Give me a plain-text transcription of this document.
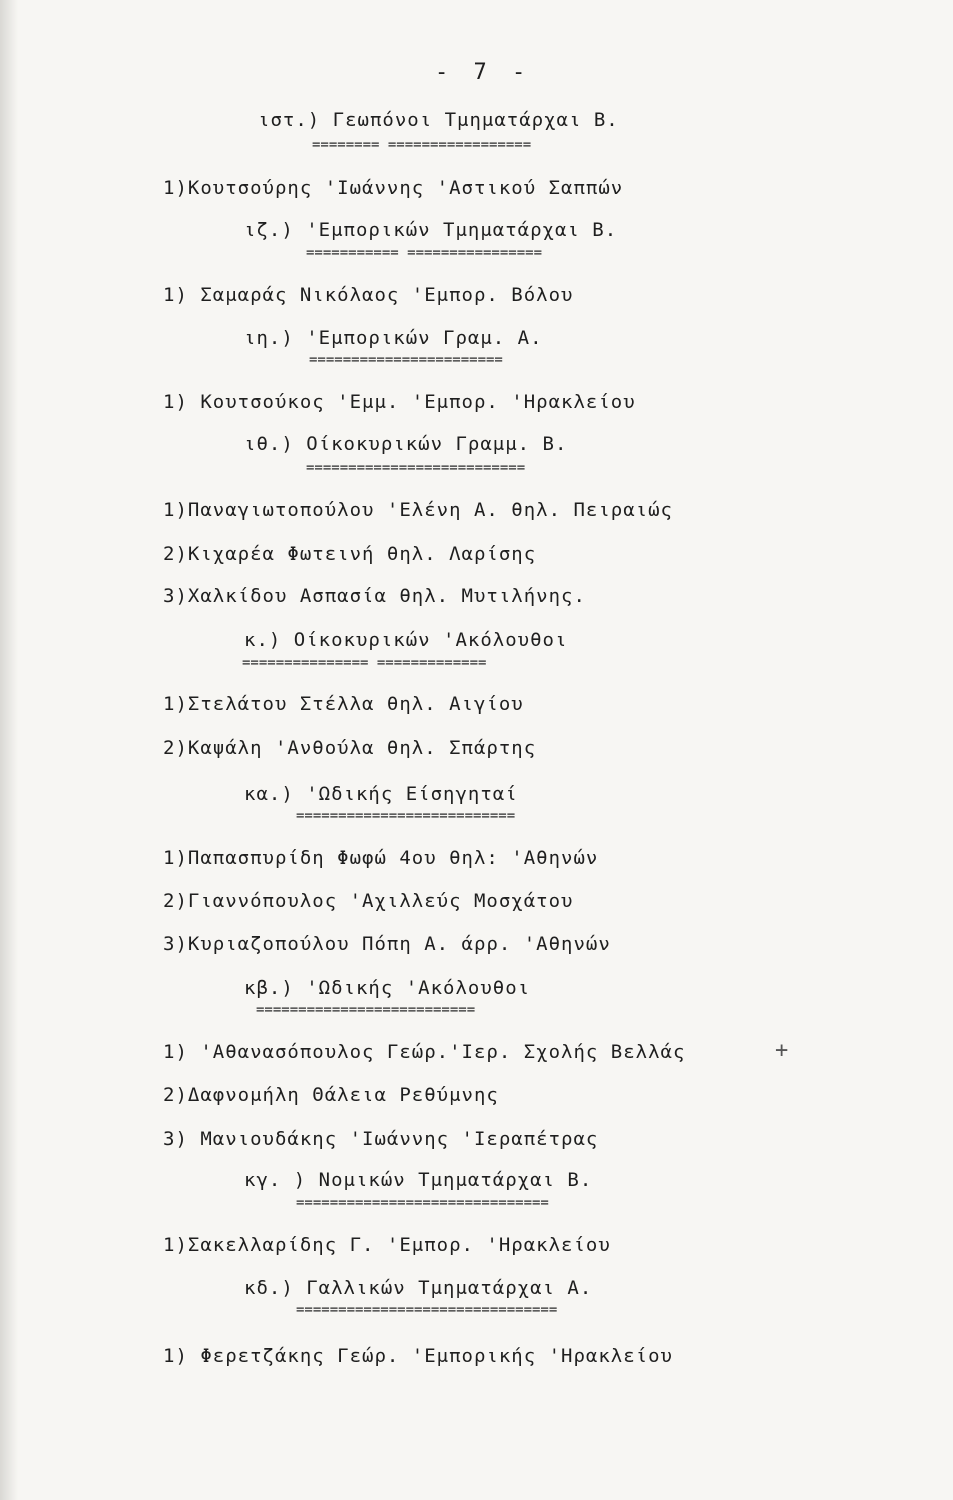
- 7 -
ιστ.) Γεωπόνοι Τμηματάρχαι Β.
======== =================
1)Κουτσούρης 'Ιωάννης 'Αστικού Σαππών
ιζ.) 'Εμπορικών Τμηματάρχαι Β.
=========== ================
1) Σαμαράς Νικόλαος 'Εμπορ. Βόλου
ιη.) 'Εμπορικών Γραμ. Α.
=======================
1) Κουτσούκος 'Εμμ. 'Εμπορ. 'Ηρακλείου
ιθ.) Οίκοκυρικών Γραμμ. Β.
==========================
1)Παναγιωτοπούλου 'Ελένη Α. θηλ. Πειραιώς
2)Κιχαρέα Φωτεινή θηλ. Λαρίσης
3)Χαλκίδου Ασπασία θηλ. Μυτιλήνης.
κ.) Οίκοκυρικών 'Ακόλουθοι
=============== =============
1)Στελάτου Στέλλα θηλ. Αιγίου
2)Καψάλη 'Ανθούλα θηλ. Σπάρτης
κα.) 'Ωδικής Είσηγηταί
==========================
1)Παπασπυρίδη Φωφώ 4ου θηλ: 'Αθηνών
2)Γιαννόπουλος 'Αχιλλεύς Μοσχάτου
3)Κυριαζοπούλου Πόπη Α. άρρ. 'Αθηνών
κβ.) 'Ωδικής 'Ακόλουθοι
==========================
1) 'Αθανασόπουλος Γεώρ.'Ιερ. Σχολής Βελλάς
2)Δαφνομήλη Θάλεια Ρεθύμνης
3) Μανιουδάκης 'Ιωάννης 'Ιεραπέτρας
κγ. ) Νομικών Τμηματάρχαι Β.
==============================
1)Σακελλαρίδης Γ. 'Εμπορ. 'Ηρακλείου
κδ.) Γαλλικών Τμηματάρχαι Α.
===============================
1) Φερετζάκης Γεώρ. 'Εμπορικής 'Ηρακλείου
+
